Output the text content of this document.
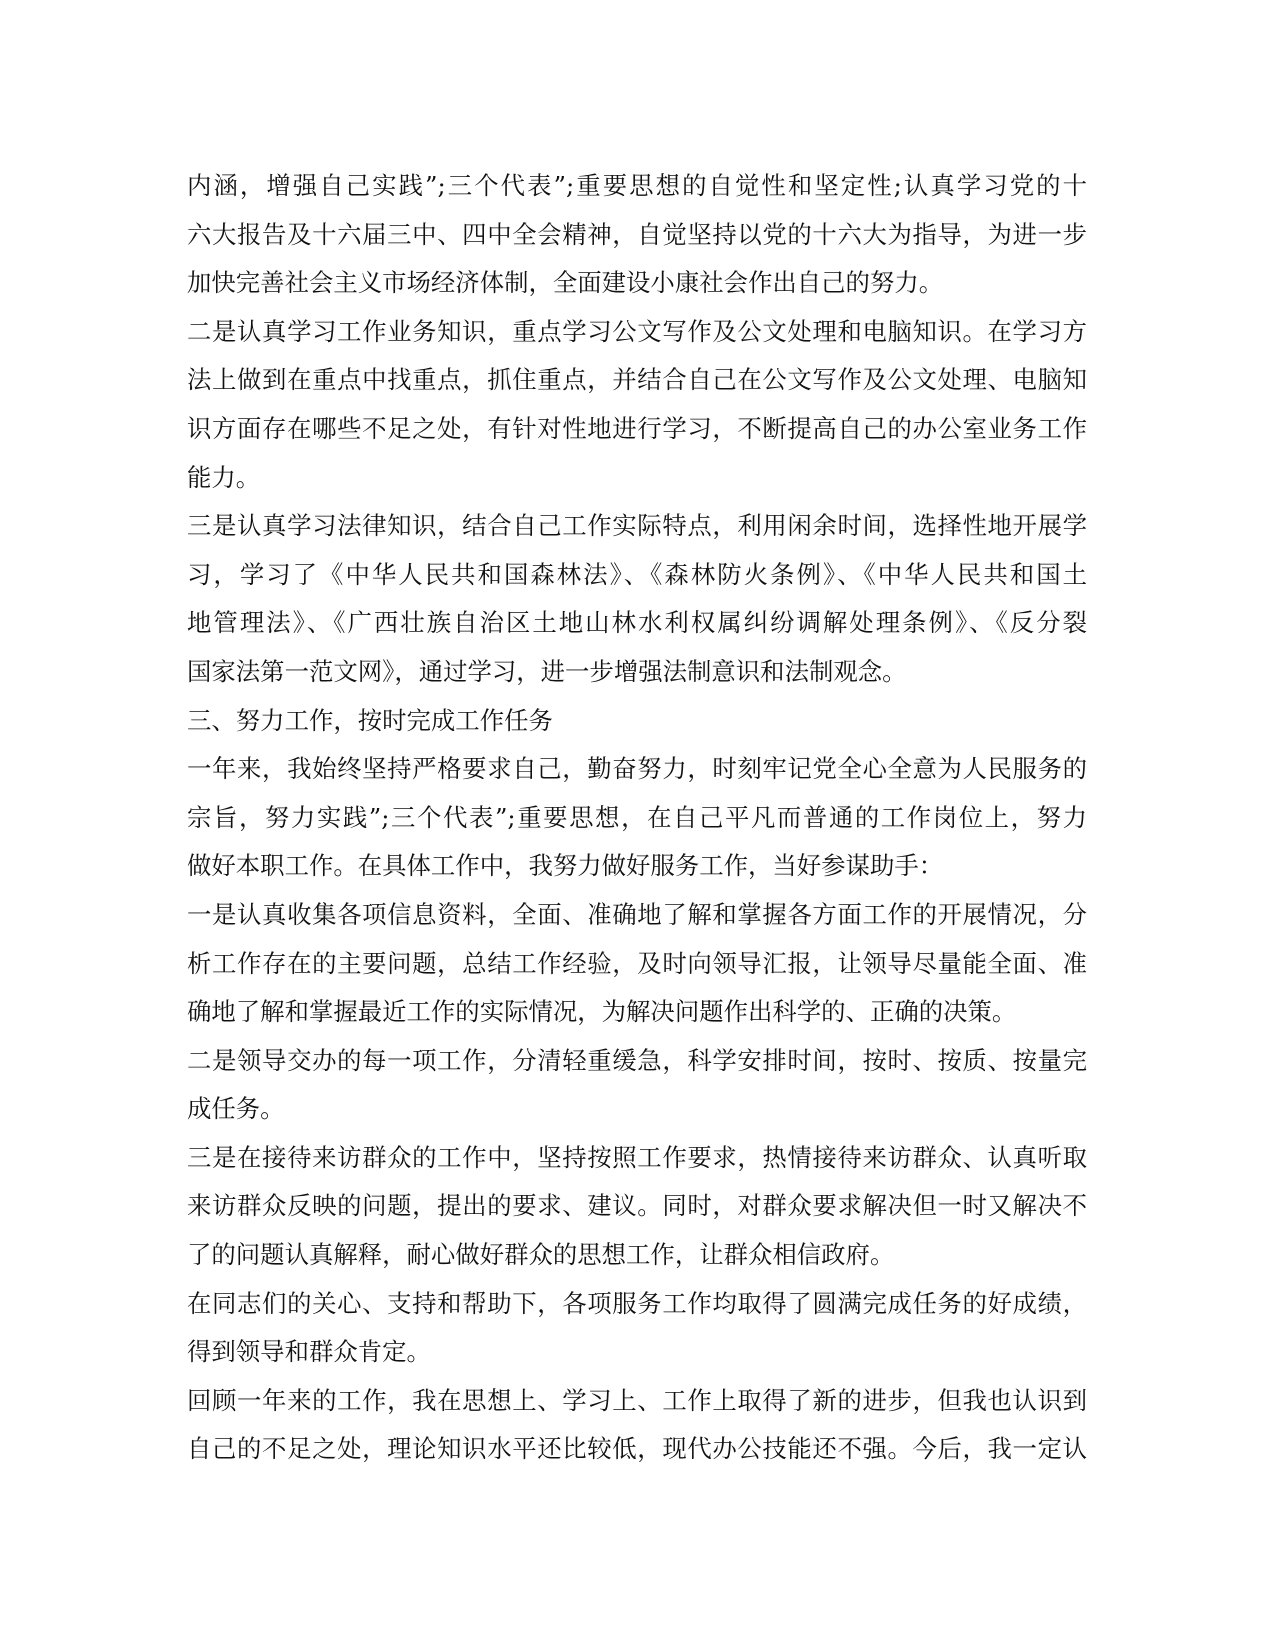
内涵，增强自己实践”;三个代表”;重要思想的自觉性和坚定性;认真学习党的十
六大报告及十六届三中、四中全会精神，自觉坚持以党的十六大为指导，为进一步
加快完善社会主义市场经济体制，全面建设小康社会作出自己的努力。
二是认真学习工作业务知识，重点学习公文写作及公文处理和电脑知识。在学习方
法上做到在重点中找重点，抓住重点，并结合自己在公文写作及公文处理、电脑知
识方面存在哪些不足之处，有针对性地进行学习，不断提高自己的办公室业务工作
能力。
三是认真学习法律知识，结合自己工作实际特点，利用闲余时间，选择性地开展学
习，学习了《中华人民共和国森林法》、《森林防火条例》、《中华人民共和国土
地管理法》、《广西壮族自治区土地山林水利权属纠纷调解处理条例》、《反分裂
国家法第一范文网》，通过学习，进一步增强法制意识和法制观念。
三、努力工作，按时完成工作任务
一年来，我始终坚持严格要求自己，勤奋努力，时刻牢记党全心全意为人民服务的
宗旨，努力实践”;三个代表”;重要思想，在自己平凡而普通的工作岗位上，努力
做好本职工作。在具体工作中，我努力做好服务工作，当好参谋助手：
一是认真收集各项信息资料，全面、准确地了解和掌握各方面工作的开展情况，分
析工作存在的主要问题，总结工作经验，及时向领导汇报，让领导尽量能全面、准
确地了解和掌握最近工作的实际情况，为解决问题作出科学的、正确的决策。
二是领导交办的每一项工作，分清轻重缓急，科学安排时间，按时、按质、按量完
成任务。
三是在接待来访群众的工作中，坚持按照工作要求，热情接待来访群众、认真听取
来访群众反映的问题，提出的要求、建议。同时，对群众要求解决但一时又解决不
了的问题认真解释，耐心做好群众的思想工作，让群众相信政府。
在同志们的关心、支持和帮助下，各项服务工作均取得了圆满完成任务的好成绩，
得到领导和群众肯定。
回顾一年来的工作，我在思想上、学习上、工作上取得了新的进步，但我也认识到
自己的不足之处，理论知识水平还比较低，现代办公技能还不强。今后，我一定认
